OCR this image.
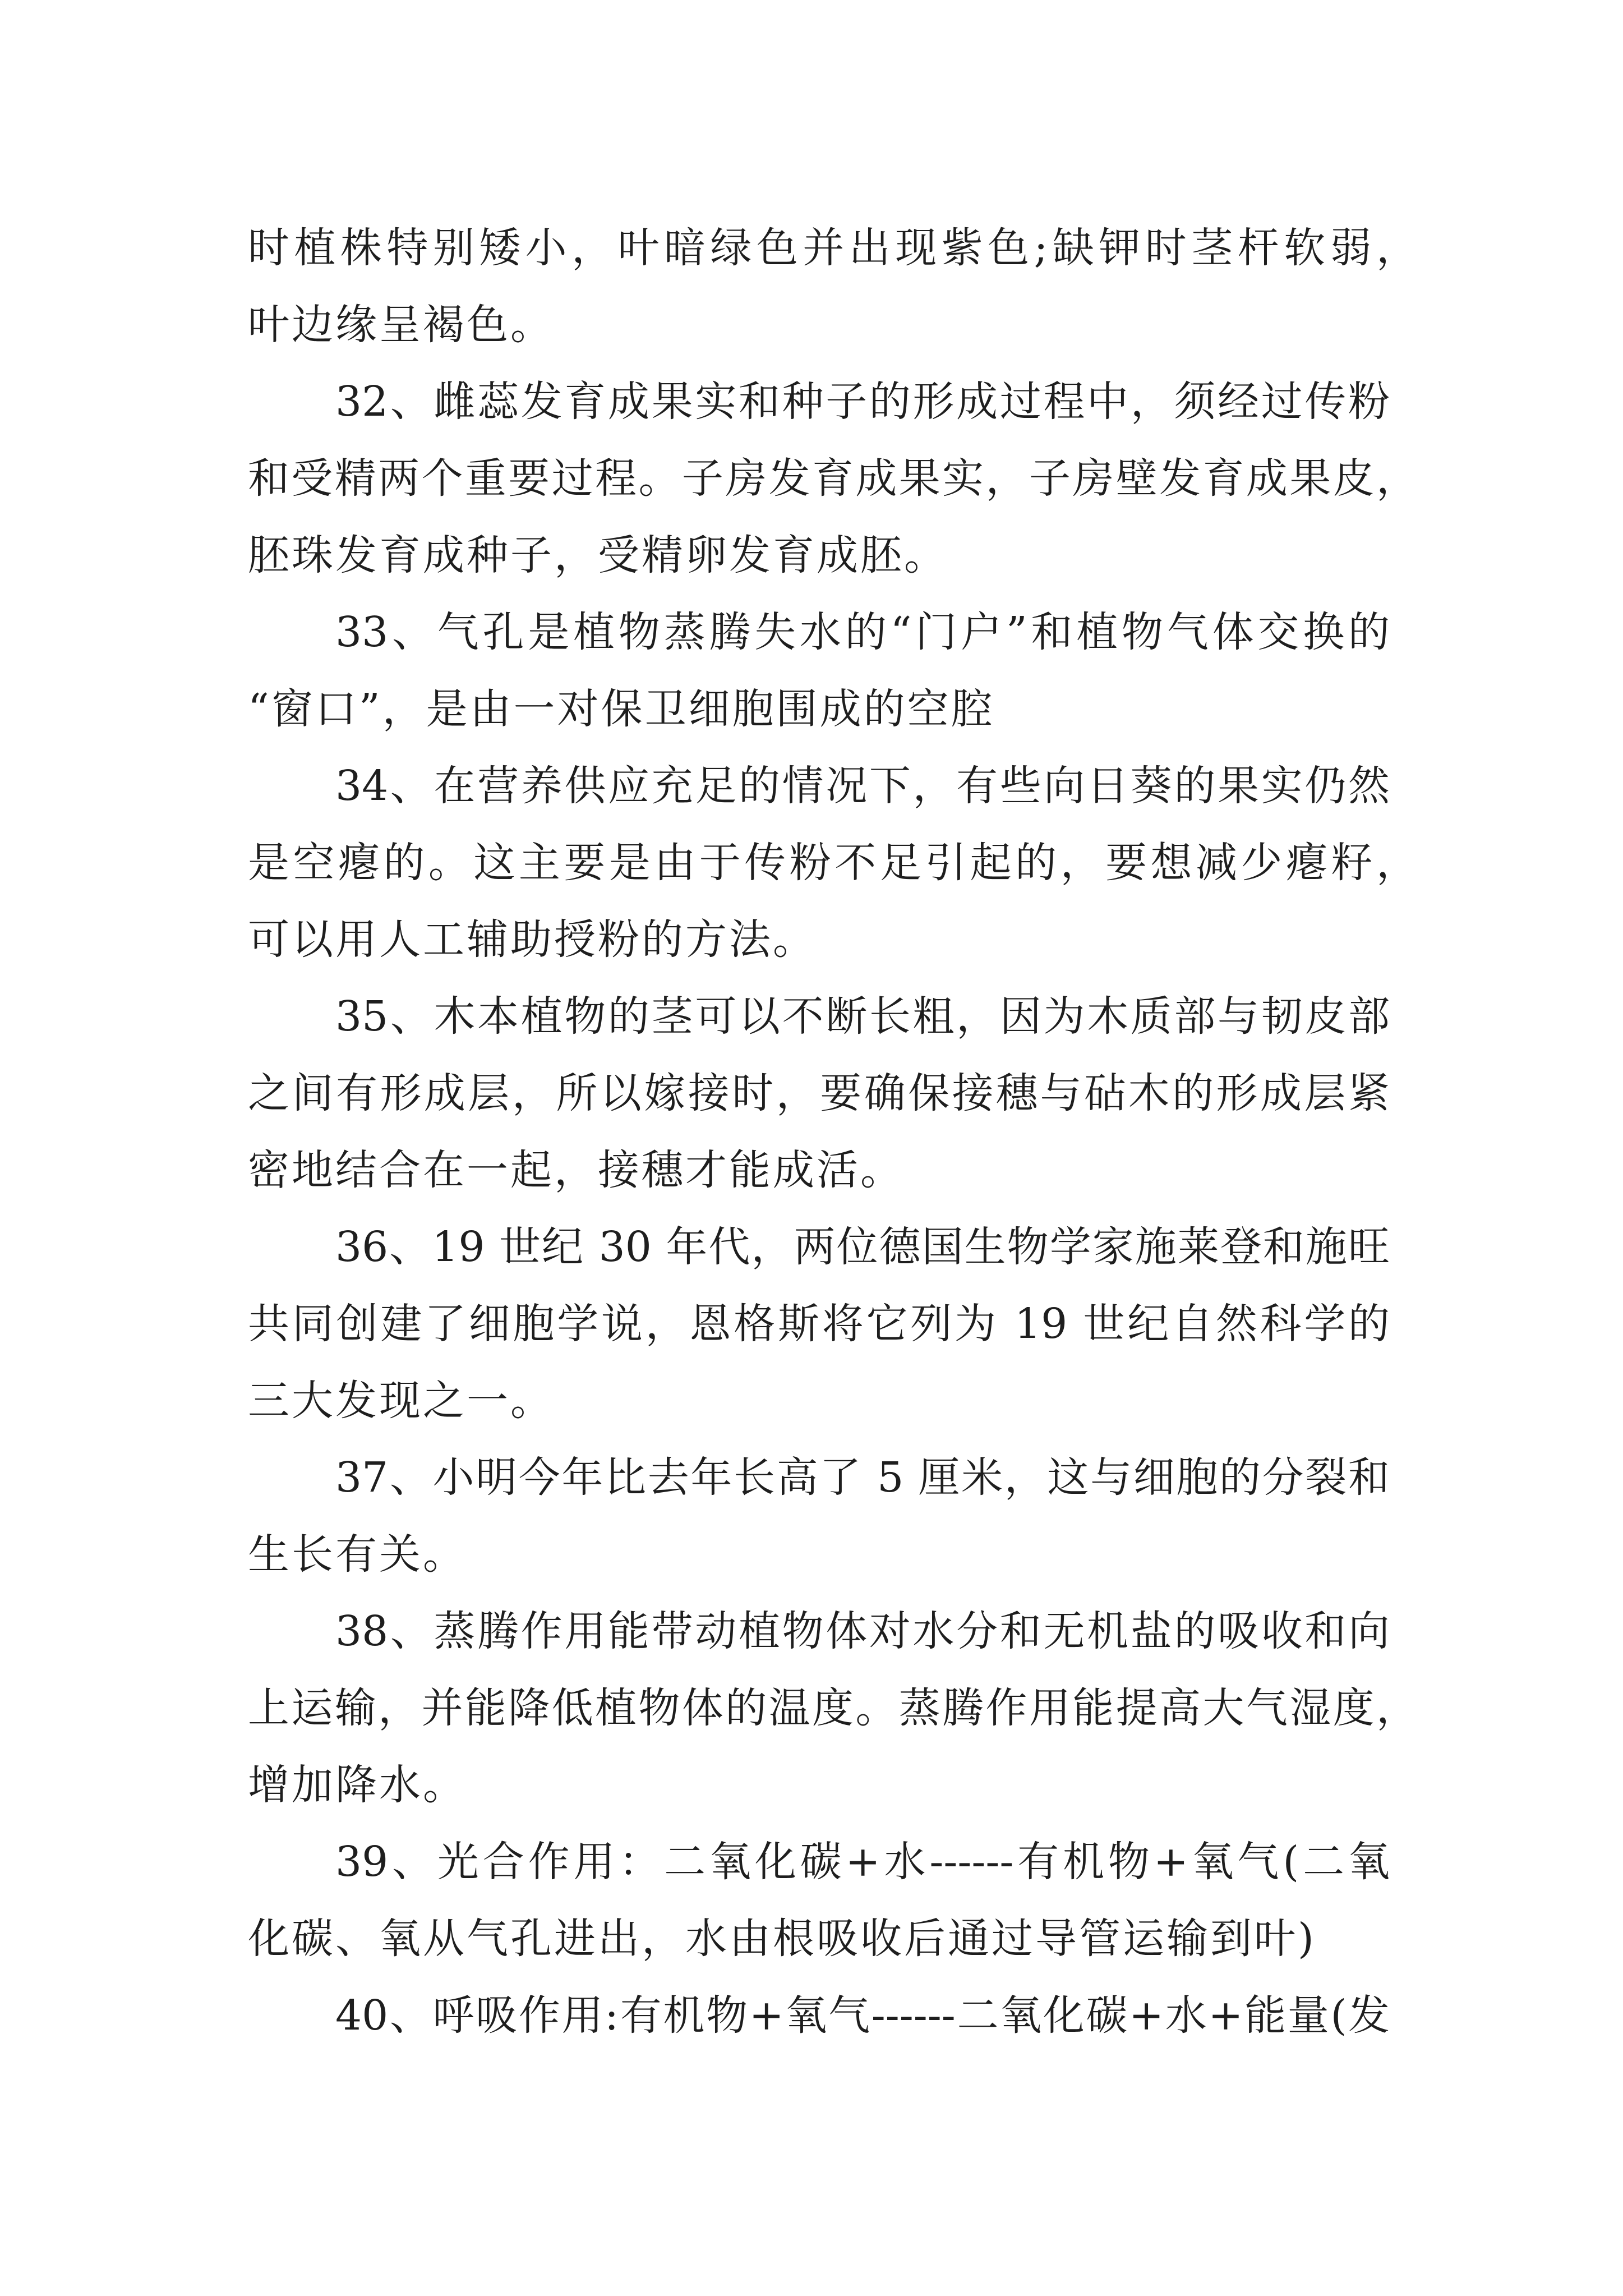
时植株特别矮小，叶暗绿色并出现紫色;缺钾时茎杆软弱，
叶边缘呈褐色。
32、雌蕊发育成果实和种子的形成过程中，须经过传粉
和受精两个重要过程。子房发育成果实，子房壁发育成果皮，
胚珠发育成种子，受精卵发育成胚。
33、气孔是植物蒸腾失水的“门户”和植物气体交换的
“窗口”，是由一对保卫细胞围成的空腔
34、在营养供应充足的情况下，有些向日葵的果实仍然
是空瘪的。这主要是由于传粉不足引起的，要想减少瘪籽，
可以用人工辅助授粉的方法。
35、木本植物的茎可以不断长粗，因为木质部与韧皮部
之间有形成层，所以嫁接时，要确保接穗与砧木的形成层紧
密地结合在一起，接穗才能成活。
36、19 世纪 30 年代，两位德国生物学家施莱登和施旺
共同创建了细胞学说，恩格斯将它列为 19 世纪自然科学的
三大发现之一。
37、小明今年比去年长高了 5 厘米，这与细胞的分裂和
生长有关。
38、蒸腾作用能带动植物体对水分和无机盐的吸收和向
上运输，并能降低植物体的温度。蒸腾作用能提高大气湿度，
增加降水。
39、光合作用：二氧化碳+水------有机物+氧气(二氧
化碳、氧从气孔进出，水由根吸收后通过导管运输到叶)
40、呼吸作用:有机物+氧气------二氧化碳+水+能量(发
